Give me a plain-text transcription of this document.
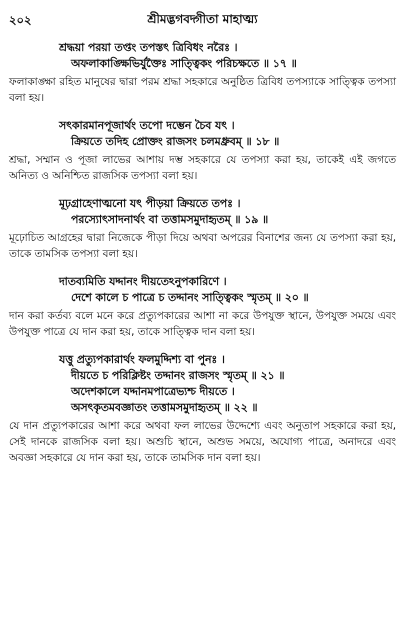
২০২	শ্রীমদ্ভগবদ্গীতা মাহাত্ম্য
শ্রদ্ধয়া পরয়া তপ্তং তপস্তৎ ত্রিবিধং নরৈঃ ।
অফলাকাঙ্ক্ষিভির্যুক্তৈঃ সাত্ত্বিকং পরিচক্ষতে ॥ ১৭ ॥
ফলাকাঙ্ক্ষা রহিত মানুষের দ্বারা পরম শ্রদ্ধা সহকারে অনুষ্ঠিত ত্রিবিধ তপস্যাকে সাত্ত্বিক তপস্যা বলা হয়।
সৎকারমানপূজার্থং তপো দম্ভেন চৈব যৎ ।
ক্রিয়তে তদিহ প্রোক্তং রাজসং চলমধ্রুবম্ ॥ ১৮ ॥
শ্রদ্ধা, সম্মান ও পূজা লাভের আশায় দম্ভ সহকারে যে তপস্যা করা হয়, তাকেই এই জগতে অনিত্য ও অনিশ্চিত রাজসিক তপস্যা বলা হয়।
মূঢ়গ্রাহেণাত্মনো যৎ পীড়য়া ক্রিয়তে তপঃ ।
পরস্যোৎসাদনার্থং বা তত্তামসমুদাহৃতম্ ॥ ১৯ ॥
মূঢ়োচিত আগ্রহের দ্বারা নিজেকে পীড়া দিয়ে অথবা অপরের বিনাশের জন্য যে তপস্যা করা হয়, তাকে তামসিক তপস্যা বলা হয়।
দাতব্যমিতি যদ্দানং দীয়তেঽনুপকারিণে ।
দেশে কালে চ পাত্রে চ তদ্দানং সাত্ত্বিকং স্মৃতম্ ॥ ২০ ॥
দান করা কর্তব্য বলে মনে করে প্রত্যুপকারের আশা না করে উপযুক্ত স্থানে, উপযুক্ত সময়ে এবং উপযুক্ত পাত্রে যে দান করা হয়, তাকে সাত্ত্বিক দান বলা হয়।
যত্তু প্রত্যুপকারার্থং ফলমুদ্দিশ্য বা পুনঃ ।
দীয়তে চ পরিক্লিষ্টং তদ্দানং রাজসং স্মৃতম্ ॥ ২১ ॥
অদেশকালে যদ্দানমপাত্রেভ্যশ্চ দীয়তে ।
অসৎকৃতমবজ্ঞাতং তত্তামসমুদাহৃতম্ ॥ ২২ ॥
যে দান প্রত্যুপকারের আশা করে অথবা ফল লাভের উদ্দেশ্যে এবং অনুতাপ সহকারে করা হয়, সেই দানকে রাজসিক বলা হয়। অশুচি স্থানে, অশুভ সময়ে, অযোগ্য পাত্রে, অনাদরে এবং অবজ্ঞা সহকারে যে দান করা হয়, তাকে তামসিক দান বলা হয়।
